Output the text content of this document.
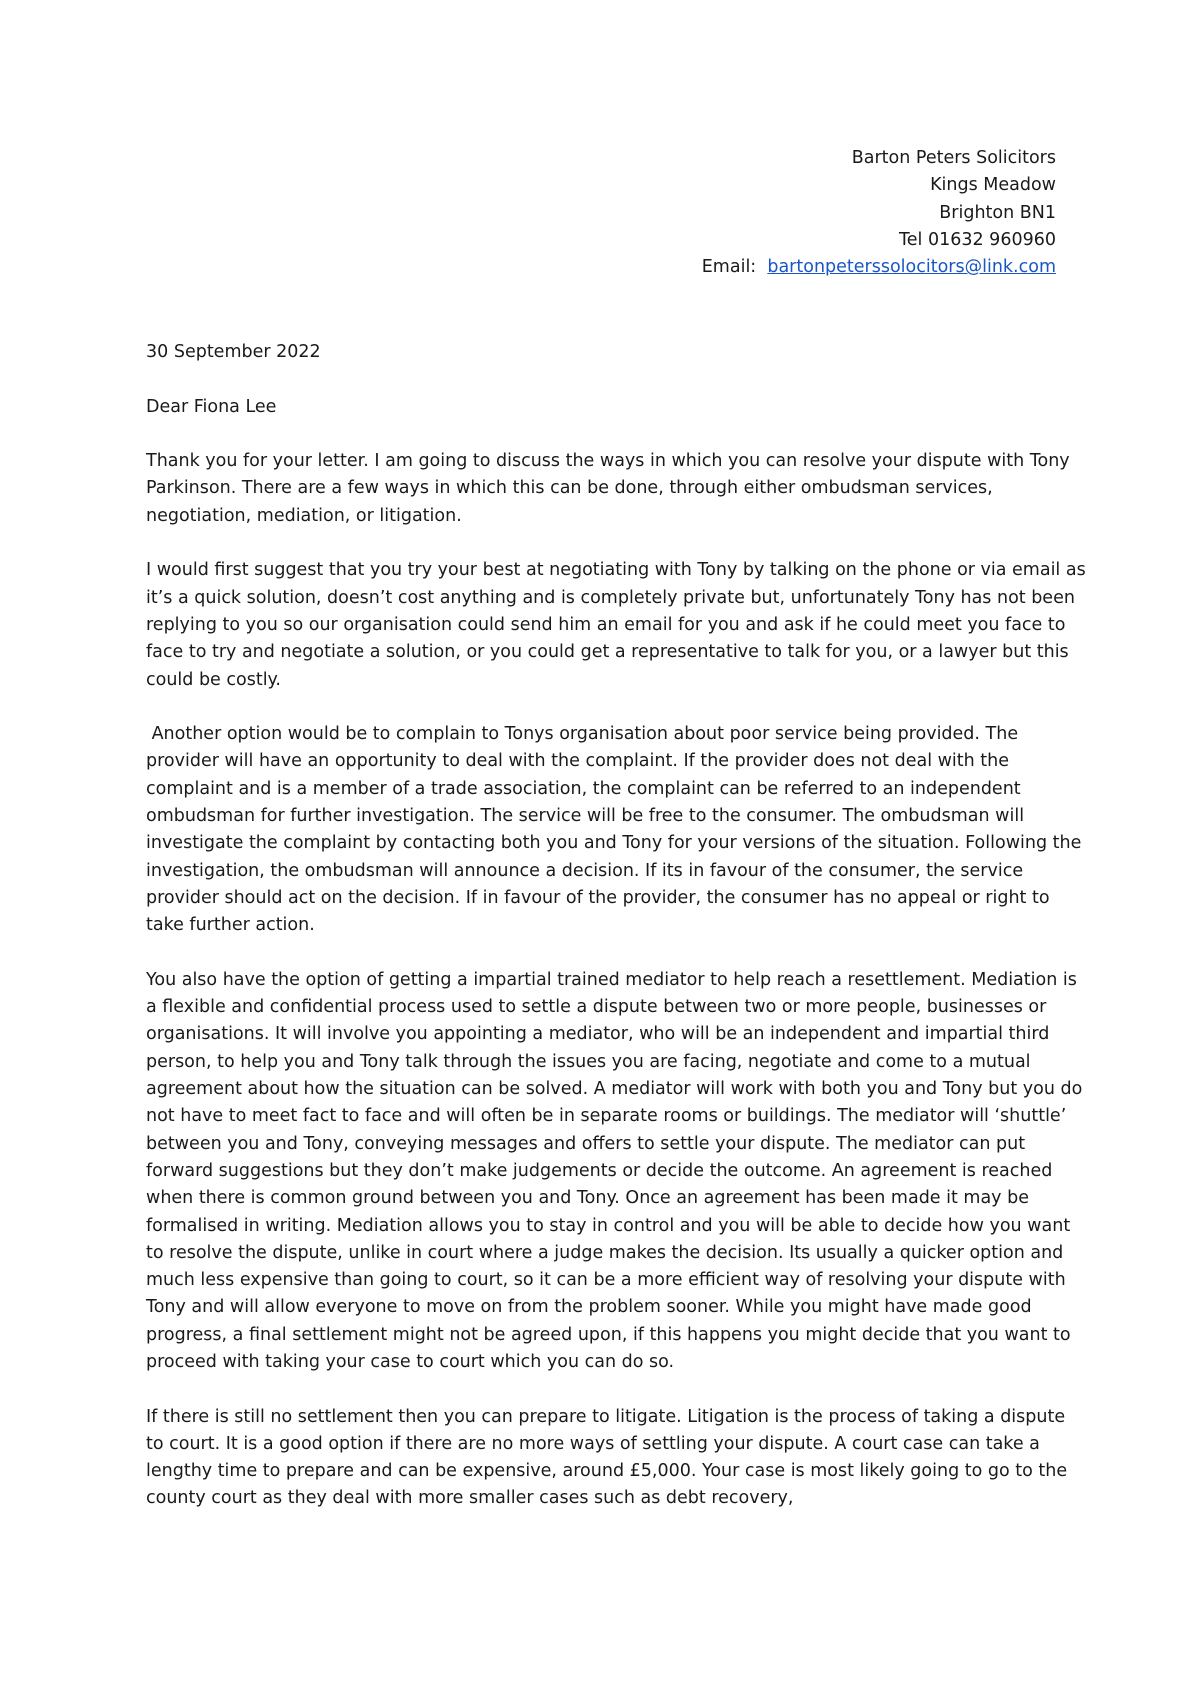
Barton Peters Solicitors
Kings Meadow
Brighton BN1
Tel 01632 960960
Email:  bartonpeterssolocitors@link.com

30 September 2022

Dear Fiona Lee

Thank you for your letter. I am going to discuss the ways in which you can resolve your dispute with Tony Parkinson. There are a few ways in which this can be done, through either ombudsman services, negotiation, mediation, or litigation.

I would first suggest that you try your best at negotiating with Tony by talking on the phone or via email as it’s a quick solution, doesn’t cost anything and is completely private but, unfortunately Tony has not been replying to you so our organisation could send him an email for you and ask if he could meet you face to face to try and negotiate a solution, or you could get a representative to talk for you, or a lawyer but this could be costly.

Another option would be to complain to Tonys organisation about poor service being provided. The provider will have an opportunity to deal with the complaint. If the provider does not deal with the complaint and is a member of a trade association, the complaint can be referred to an independent ombudsman for further investigation. The service will be free to the consumer. The ombudsman will investigate the complaint by contacting both you and Tony for your versions of the situation. Following the investigation, the ombudsman will announce a decision. If its in favour of the consumer, the service provider should act on the decision. If in favour of the provider, the consumer has no appeal or right to take further action.

You also have the option of getting a impartial trained mediator to help reach a resettlement. Mediation is a flexible and confidential process used to settle a dispute between two or more people, businesses or organisations. It will involve you appointing a mediator, who will be an independent and impartial third person, to help you and Tony talk through the issues you are facing, negotiate and come to a mutual agreement about how the situation can be solved. A mediator will work with both you and Tony but you do not have to meet fact to face and will often be in separate rooms or buildings. The mediator will ‘shuttle’ between you and Tony, conveying messages and offers to settle your dispute. The mediator can put forward suggestions but they don’t make judgements or decide the outcome. An agreement is reached when there is common ground between you and Tony. Once an agreement has been made it may be formalised in writing. Mediation allows you to stay in control and you will be able to decide how you want to resolve the dispute, unlike in court where a judge makes the decision. Its usually a quicker option and much less expensive than going to court, so it can be a more efficient way of resolving your dispute with Tony and will allow everyone to move on from the problem sooner. While you might have made good progress, a final settlement might not be agreed upon, if this happens you might decide that you want to proceed with taking your case to court which you can do so.

If there is still no settlement then you can prepare to litigate. Litigation is the process of taking a dispute to court. It is a good option if there are no more ways of settling your dispute. A court case can take a lengthy time to prepare and can be expensive, around £5,000. Your case is most likely going to go to the county court as they deal with more smaller cases such as debt recovery,
